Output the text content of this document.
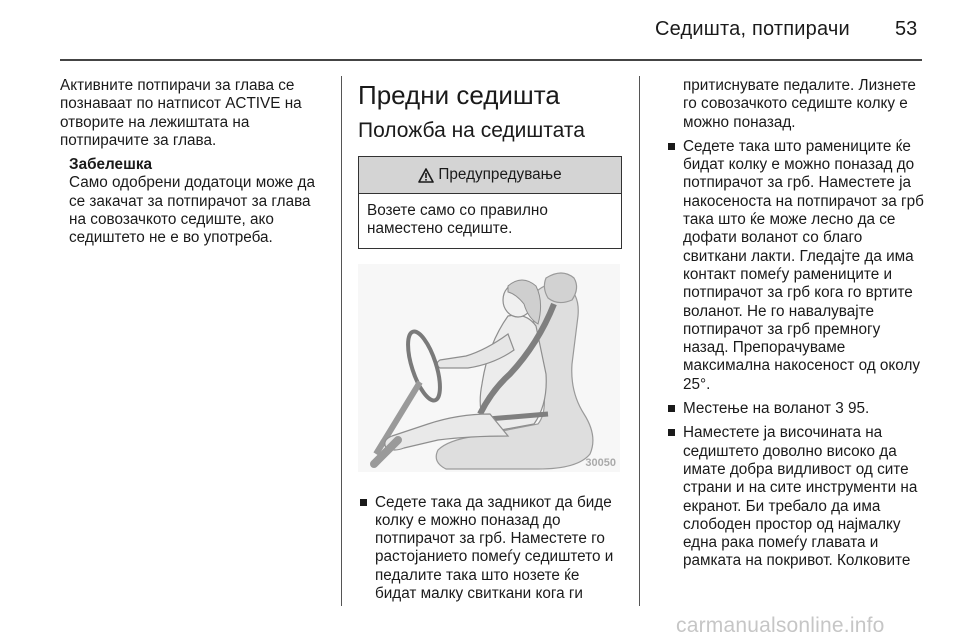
Седишта, потпирачи 53

Активните потпирачи за глава се познаваат по натписот ACTIVE на отворите на лежиштата на потпирачите за глава.

Забелешка

Само одобрени додатоци може да се закачат за потпирачот за глава на совозачкото седиште, ако седиштето не е во употреба.

Предни седишта
Положба на седиштата
Предупредување
Возете само со правилно наместено седиште.
30050
Седете така да задникот да биде колку е можно поназад до потпирачот за грб. Наместете го растојанието помеѓу седиштето и педалите така што нозете ќе бидат малку свиткани кога ги

притиснувате педалите. Лизнете го совозачкото седиште колку е можно поназад.

Седете така што рамениците ќе бидат колку е можно поназад до потпирачот за грб. Наместете ја накосеноста на потпирачот за грб така што ќе може лесно да се дофати воланот со благо свиткани лакти. Гледајте да има контакт помеѓу рамениците и потпирачот за грб кога го вртите воланот. Не го навалувајте потпирачот за грб премногу назад. Препорачуваме максимална накосеност од околу 25°.
Местење на воланот 3 95.
Наместете ја височината на седиштето доволно високо да имате добра видливост од сите страни и на сите инструменти на екранот. Би требало да има слободен простор од најмалку една рака помеѓу главата и рамката на покривот. Колковите
carmanualsonline.info
